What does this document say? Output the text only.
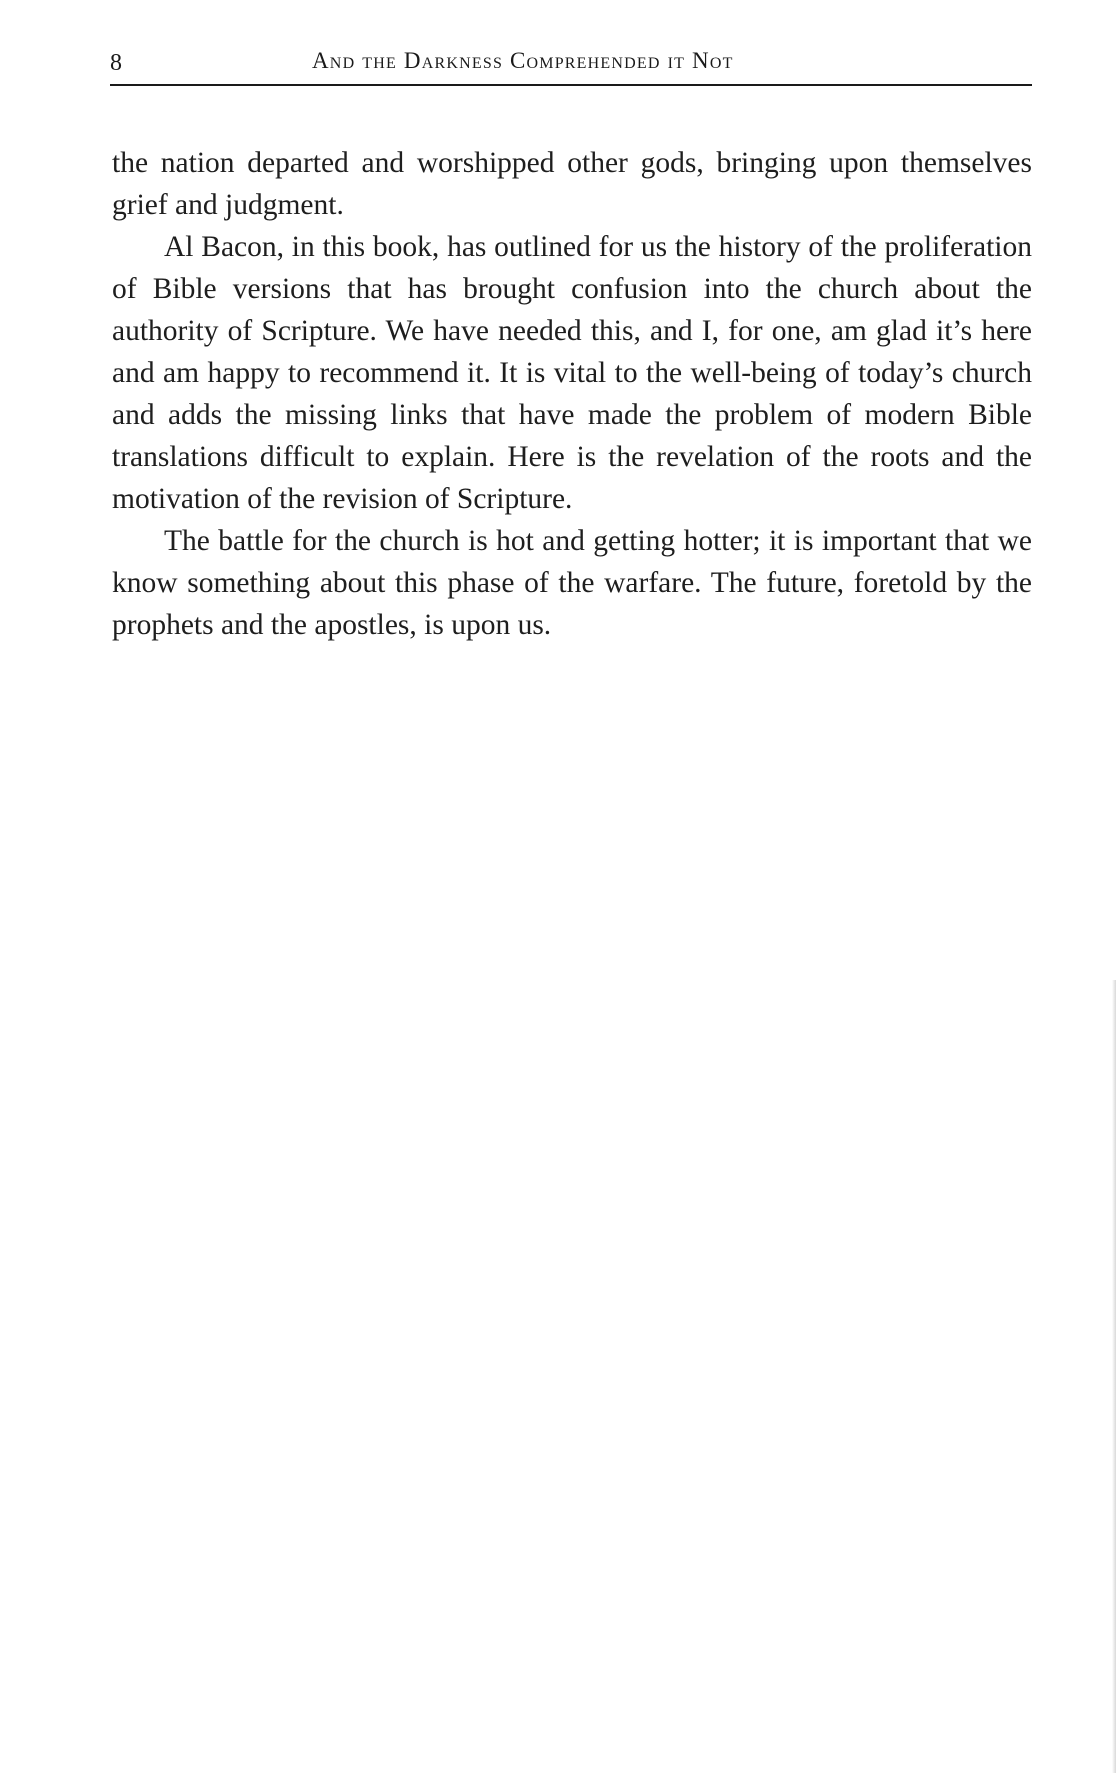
8	And the Darkness Comprehended it Not

the nation departed and worshipped other gods, bringing upon themselves grief and judgment.

Al Bacon, in this book, has outlined for us the history of the proliferation of Bible versions that has brought confusion into the church about the authority of Scripture. We have needed this, and I, for one, am glad it’s here and am happy to recommend it. It is vital to the well-being of today’s church and adds the missing links that have made the problem of modern Bible translations difficult to explain. Here is the revelation of the roots and the motivation of the revision of Scripture.

The battle for the church is hot and getting hotter; it is important that we know something about this phase of the warfare. The future, foretold by the prophets and the apostles, is upon us.
